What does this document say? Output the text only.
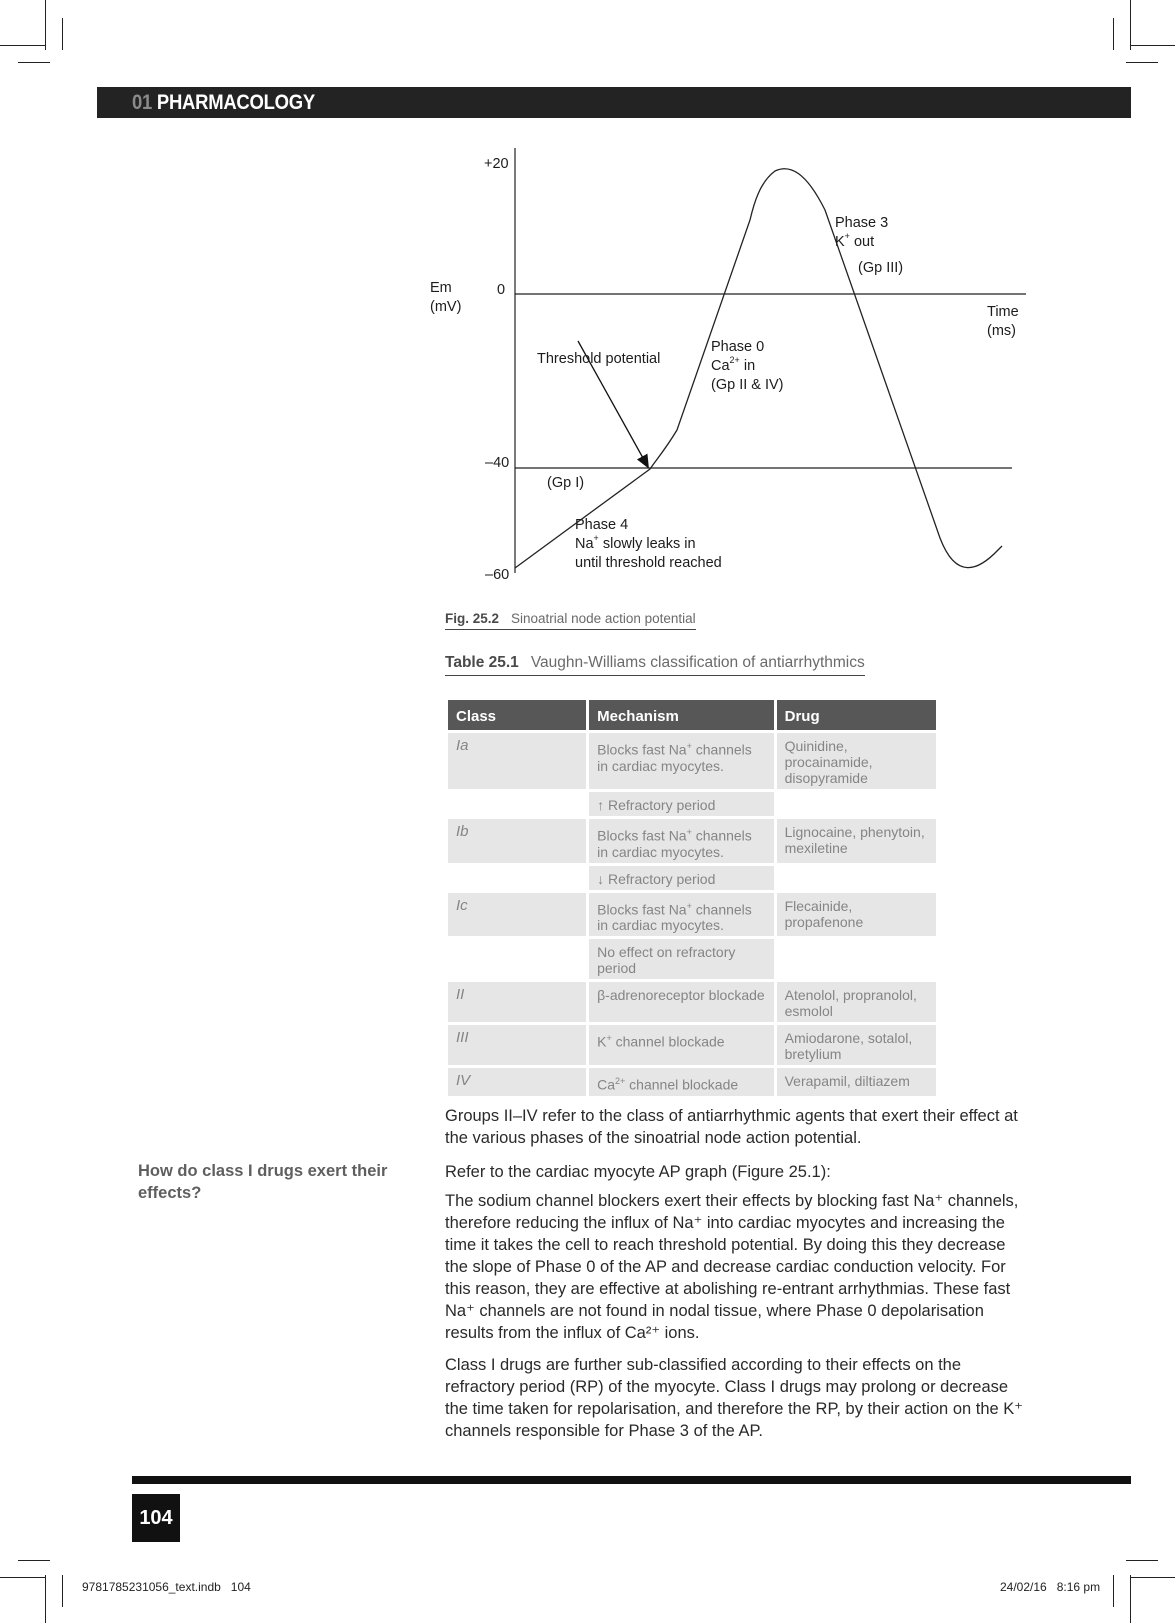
01 PHARMACOLOGY
+20
0
–40
–60
Em
(mV)	Time
(ms)
Threshold potential
Phase 0
$Ca^{2+}$ in
(Gp II & IV)
Phase 3
K+ out
(Gp III)
(Gp I)
Phase 4
Na+ slowly leaks in
until threshold reached
Fig. 25.2 Sinoatrial node action potential
Table 25.1 Vaughn-Williams classification of antiarrhythmics
Class	Mechanism	Drug
Ia	Blocks fast Na+ channels in cardiac myocytes.	Quinidine, procainamide, disopyramide
	↑ Refractory period	
Ib	Blocks fast Na+ channels in cardiac myocytes.	Lignocaine, phenytoin, mexiletine
	↓ Refractory period	
Ic	Blocks fast Na+ channels in cardiac myocytes.	Flecainide, propafenone
	No effect on refractory period	
II	β-adrenoreceptor blockade	Atenolol, propranolol, esmolol
III	K+ channel blockade	Amiodarone, sotalol, bretylium
IV	$Ca^{2+}$ channel blockade	Verapamil, diltiazem
Groups II–IV refer to the class of antiarrhythmic agents that exert their effect at the various phases of the sinoatrial node action potential.
How do class I drugs exert their effects?
Refer to the cardiac myocyte AP graph (Figure 25.1):
The sodium channel blockers exert their effects by blocking fast Na⁺ channels, therefore reducing the influx of Na⁺ into cardiac myocytes and increasing the time it takes the cell to reach threshold potential. By doing this they decrease the slope of Phase 0 of the AP and decrease cardiac conduction velocity. For this reason, they are effective at abolishing re-entrant arrhythmias. These fast Na⁺ channels are not found in nodal tissue, where Phase 0 depolarisation results from the influx of Ca²⁺ ions.
Class I drugs are further sub-classified according to their effects on the refractory period (RP) of the myocyte. Class I drugs may prolong or decrease the time taken for repolarisation, and therefore the RP, by their action on the K⁺ channels responsible for Phase 3 of the AP.
104
9781785231056_text.indb   104	24/02/16   8:16 pm
